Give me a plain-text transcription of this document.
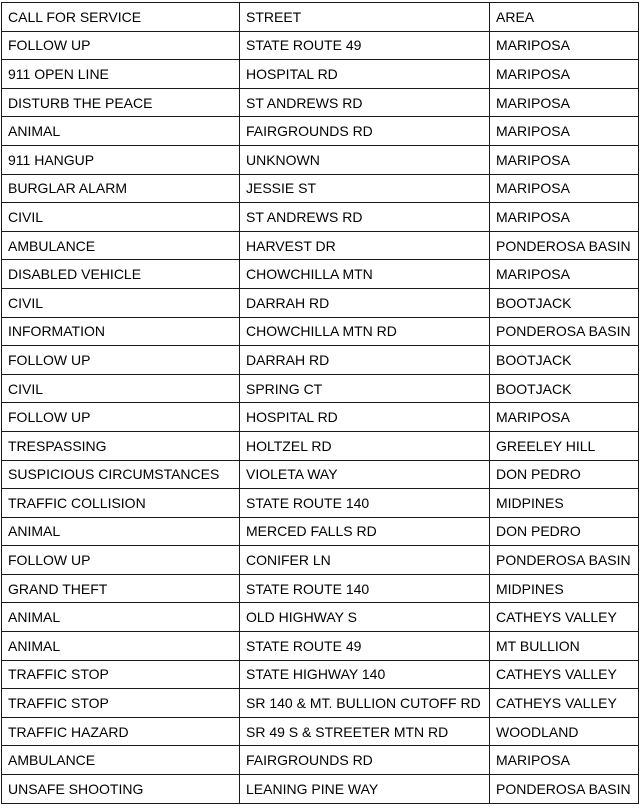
CALL FOR SERVICE	STREET	AREA
FOLLOW UP	STATE ROUTE 49	MARIPOSA
911 OPEN LINE	HOSPITAL RD	MARIPOSA
DISTURB THE PEACE	ST ANDREWS RD	MARIPOSA
ANIMAL	FAIRGROUNDS RD	MARIPOSA
911 HANGUP	UNKNOWN	MARIPOSA
BURGLAR ALARM	JESSIE ST	MARIPOSA
CIVIL	ST ANDREWS RD	MARIPOSA
AMBULANCE	HARVEST DR	PONDEROSA BASIN
DISABLED VEHICLE	CHOWCHILLA MTN	MARIPOSA
CIVIL	DARRAH RD	BOOTJACK
INFORMATION	CHOWCHILLA MTN RD	PONDEROSA BASIN
FOLLOW UP	DARRAH RD	BOOTJACK
CIVIL	SPRING CT	BOOTJACK
FOLLOW UP	HOSPITAL RD	MARIPOSA
TRESPASSING	HOLTZEL RD	GREELEY HILL
SUSPICIOUS CIRCUMSTANCES	VIOLETA WAY	DON PEDRO
TRAFFIC COLLISION	STATE ROUTE 140	MIDPINES
ANIMAL	MERCED FALLS RD	DON PEDRO
FOLLOW UP	CONIFER LN	PONDEROSA BASIN
GRAND THEFT	STATE ROUTE 140	MIDPINES
ANIMAL	OLD HIGHWAY S	CATHEYS VALLEY
ANIMAL	STATE ROUTE 49	MT BULLION
TRAFFIC STOP	STATE HIGHWAY 140	CATHEYS VALLEY
TRAFFIC STOP	SR 140 & MT. BULLION CUTOFF RD	CATHEYS VALLEY
TRAFFIC HAZARD	SR 49 S & STREETER MTN RD	WOODLAND
AMBULANCE	FAIRGROUNDS RD	MARIPOSA
UNSAFE SHOOTING	LEANING PINE WAY	PONDEROSA BASIN
